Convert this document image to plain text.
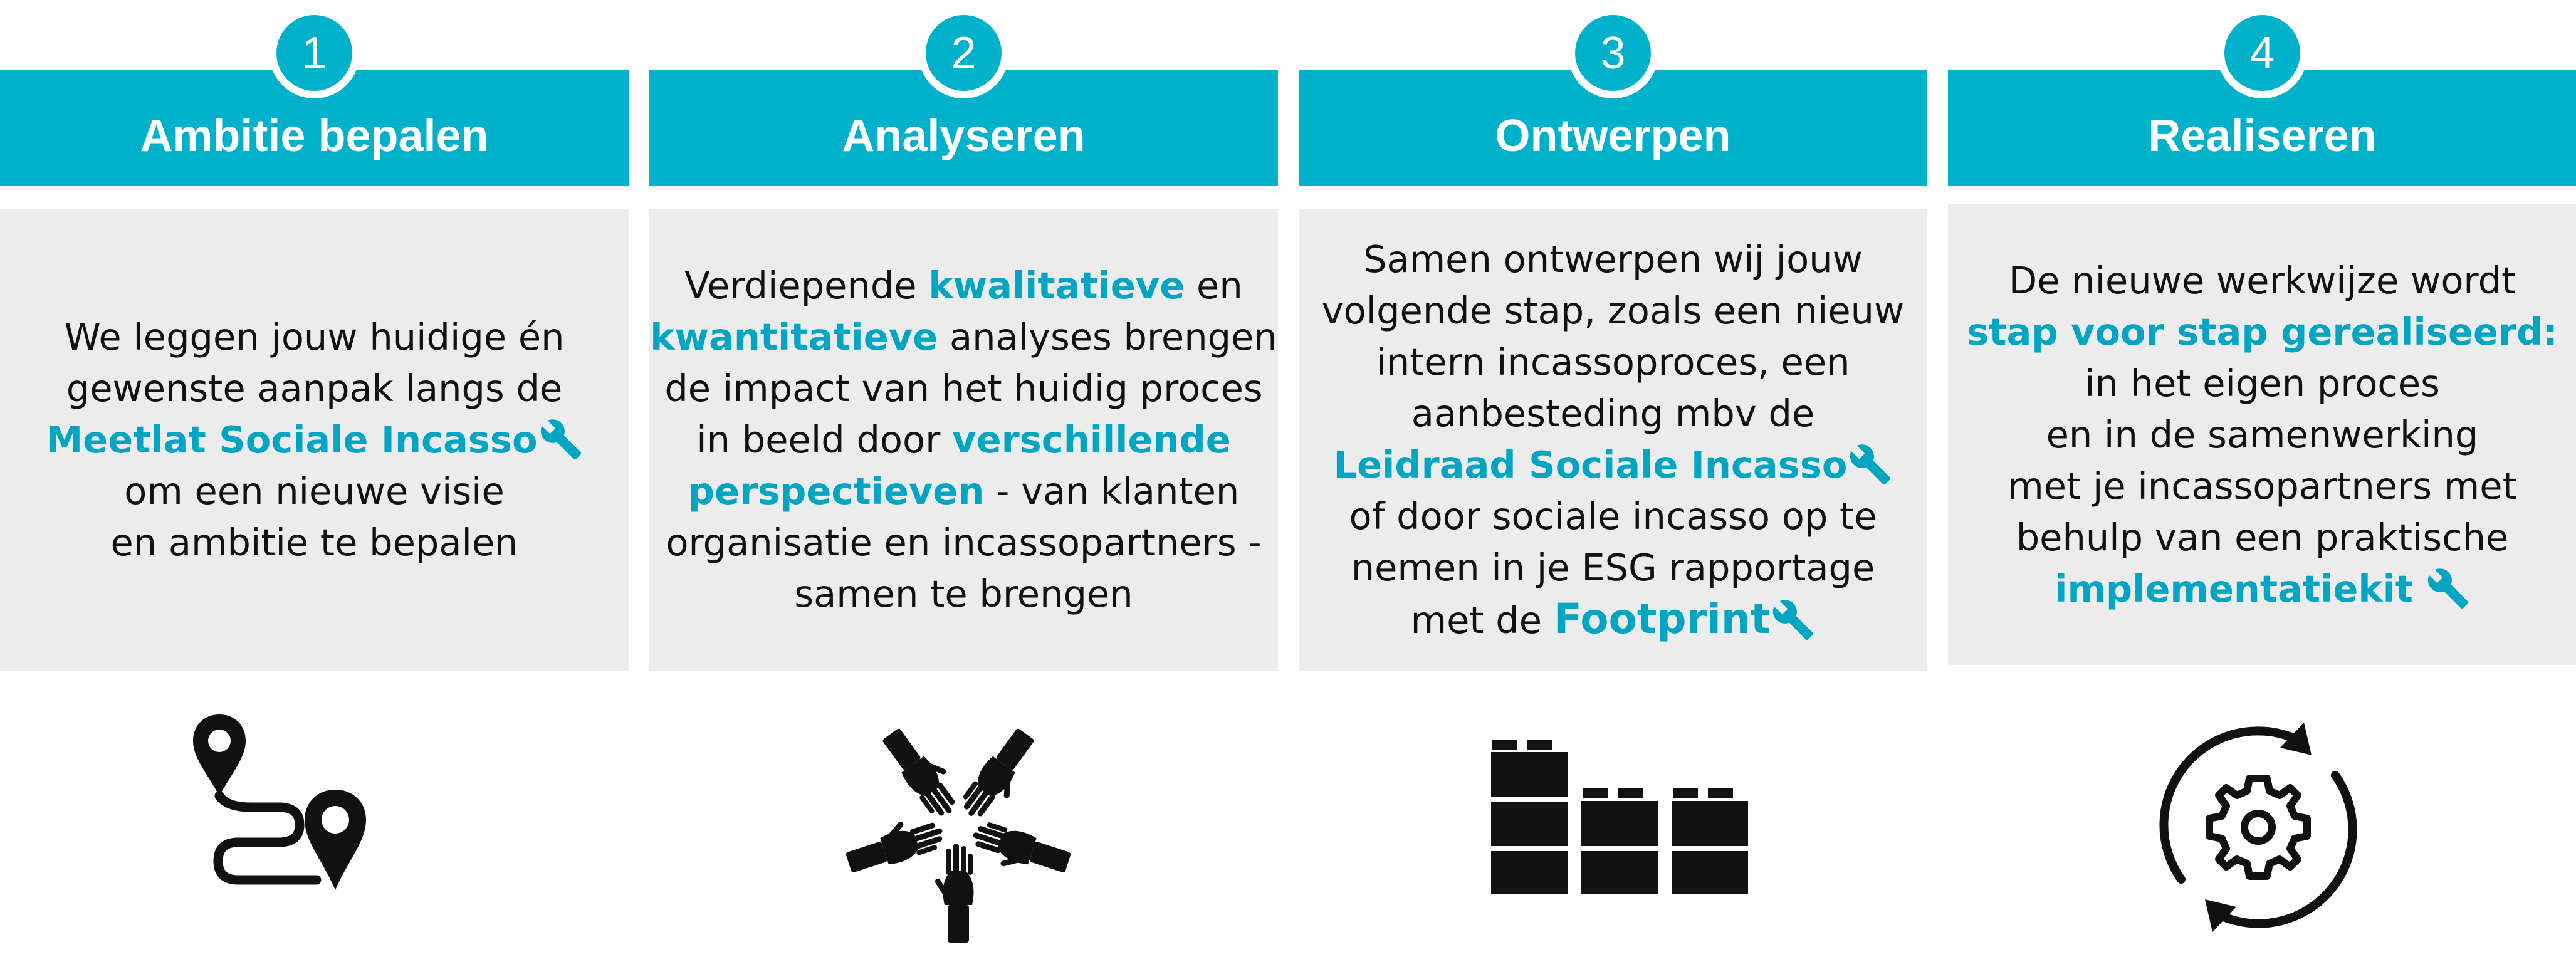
Ambitie bepalen
1
We leggen jouw huidige én
gewenste aanpak langs de
Meetlat Sociale Incasso
om een nieuwe visie
en ambitie te bepalen
Analyseren
2
Verdiepende kwalitatieve en
kwantitatieve analyses brengen
de impact van het huidig proces
in beeld door verschillende
perspectieven - van klanten
organisatie en incassopartners -
samen te brengen
Ontwerpen
3
Samen ontwerpen wij jouw
volgende stap, zoals een nieuw
intern incassoproces, een
aanbesteding mbv de
Leidraad Sociale Incasso
of door sociale incasso op te
nemen in je ESG rapportage
met de Footprint
Realiseren
4
De nieuwe werkwijze wordt
stap voor stap gerealiseerd:
in het eigen proces
en in de samenwerking
met je incassopartners met
behulp van een praktische
implementatiekit
